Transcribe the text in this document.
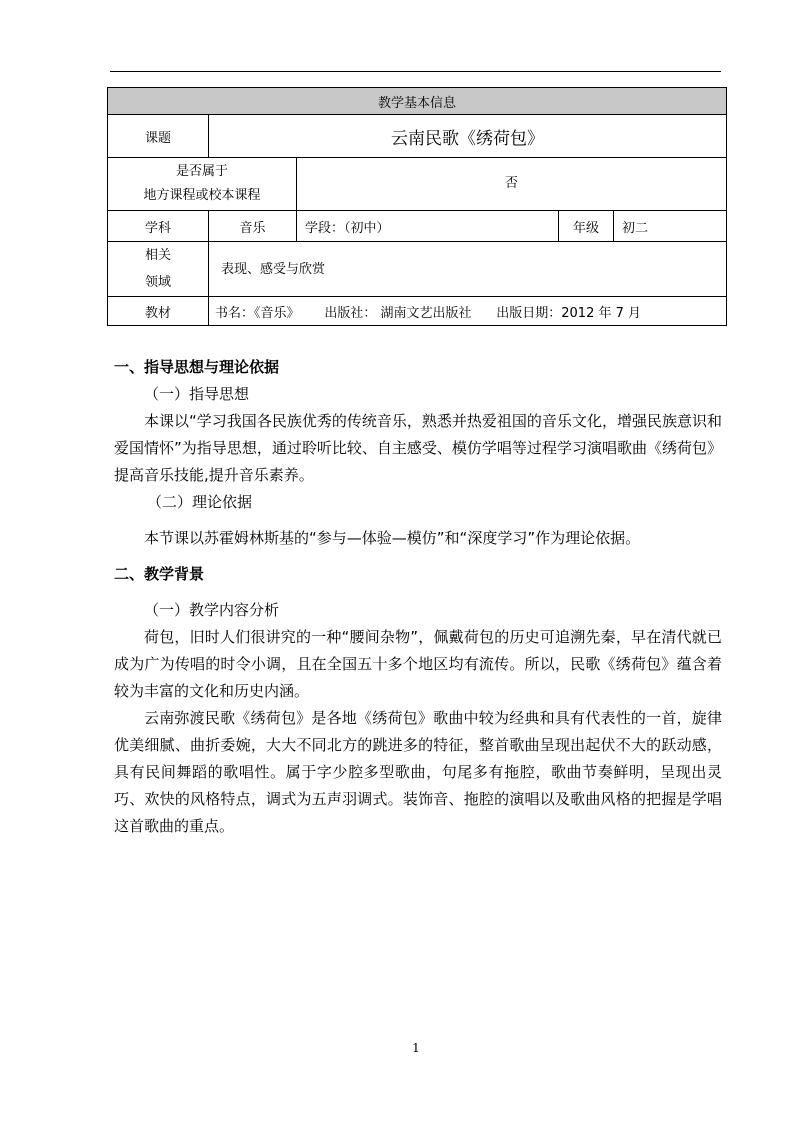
教学基本信息				
课题	云南民歌《绣荷包》			

是否属于
地方课程或校本课程		否		
学科	音乐	学段：（初中）	年级	初二

相关
领域	表现、感受与欣赏			
教材	书名：《音乐》 出版社： 湖南文艺出版社 出版日期：2012 年 7 月			

一、指导思想与理论依据

（一）指导思想

本课以“学习我国各民族优秀的传统音乐，熟悉并热爱祖国的音乐文化，增强民族意识和爱国情怀”为指导思想，通过聆听比较、自主感受、模仿学唱等过程学习演唱歌曲《绣荷包》 提高音乐技能,提升音乐素养。

（二）理论依据

本节课以苏霍姆林斯基的“参与—体验—模仿”和“深度学习”作为理论依据。

二、教学背景

（一）教学内容分析

荷包，旧时人们很讲究的一种“腰间杂物”，佩戴荷包的历史可追溯先秦，早在清代就已成为广为传唱的时令小调，且在全国五十多个地区均有流传。所以，民歌《绣荷包》蕴含着较为丰富的文化和历史内涵。

云南弥渡民歌《绣荷包》是各地《绣荷包》歌曲中较为经典和具有代表性的一首，旋律优美细腻、曲折委婉，大大不同北方的跳进多的特征，整首歌曲呈现出起伏不大的跃动感，具有民间舞蹈的歌唱性。属于字少腔多型歌曲，句尾多有拖腔，歌曲节奏鲜明，呈现出灵巧、欢快的风格特点，调式为五声羽调式。装饰音、拖腔的演唱以及歌曲风格的把握是学唱这首歌曲的重点。

1
